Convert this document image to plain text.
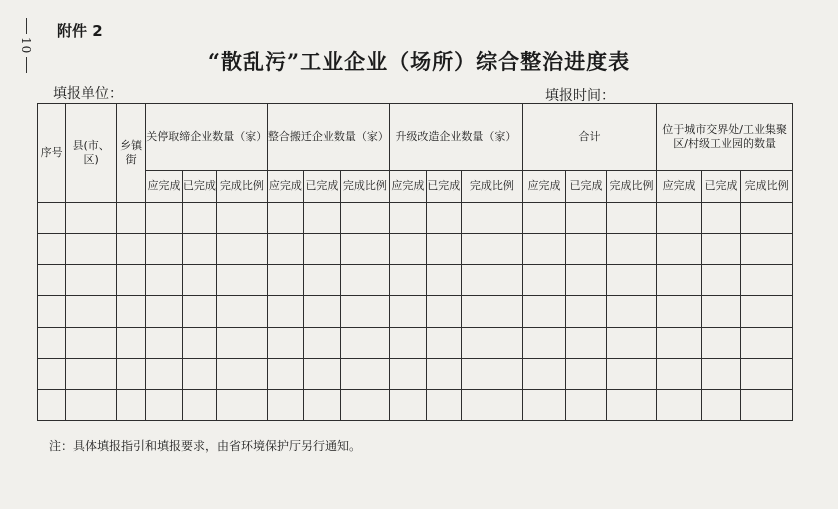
10
附件 2
“散乱污”工业企业（场所）综合整治进度表
填报单位：	填报时间：
序号	县(市、区)	乡镇街	关停取缔企业数量（家）			整合搬迁企业数量（家）			升级改造企业数量（家）			合计			位于城市交界处/工业集聚区/村级工业园的数量		
			应完成	已完成	完成比例	应完成	已完成	完成比例	应完成	已完成	完成比例	应完成	已完成	完成比例	应完成	已完成	完成比例

注：具体填报指引和填报要求，由省环境保护厅另行通知。
